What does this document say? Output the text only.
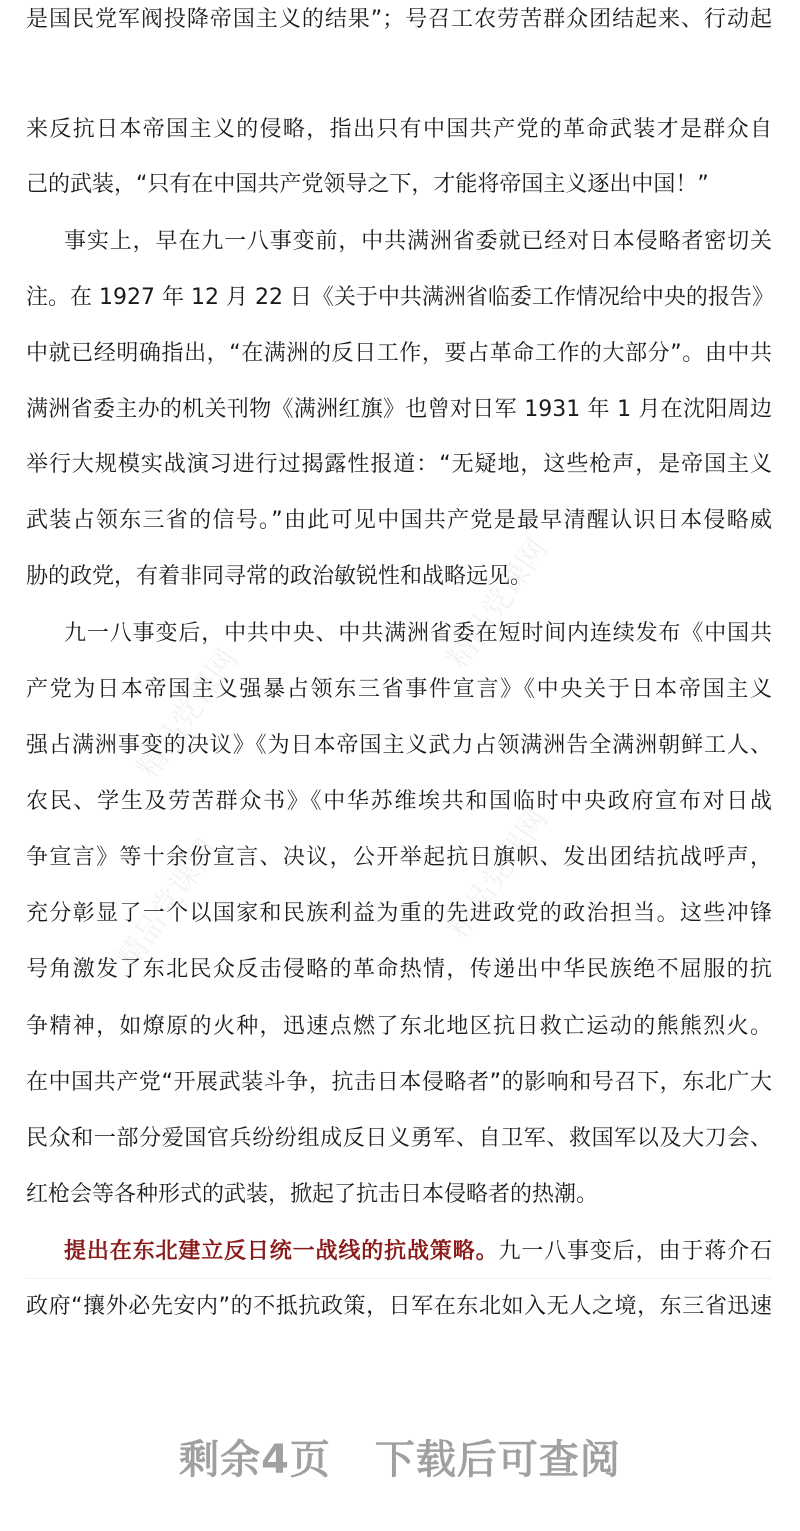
是国民党军阀投降帝国主义的结果”；号召工农劳苦群众团结起来、行动起
来反抗日本帝国主义的侵略，指出只有中国共产党的革命武装才是群众自
己的武装，“只有在中国共产党领导之下，才能将帝国主义逐出中国！”
事实上，早在九一八事变前，中共满洲省委就已经对日本侵略者密切关
注。在 1927 年 12 月 22 日《关于中共满洲省临委工作情况给中央的报告》
中就已经明确指出，“在满洲的反日工作，要占革命工作的大部分”。由中共
满洲省委主办的机关刊物《满洲红旗》也曾对日军 1931 年 1 月在沈阳周边
举行大规模实战演习进行过揭露性报道：“无疑地，这些枪声，是帝国主义
武装占领东三省的信号。”由此可见中国共产党是最早清醒认识日本侵略威
胁的政党，有着非同寻常的政治敏锐性和战略远见。
九一八事变后，中共中央、中共满洲省委在短时间内连续发布《中国共
产党为日本帝国主义强暴占领东三省事件宣言》《中央关于日本帝国主义
强占满洲事变的决议》《为日本帝国主义武力占领满洲告全满洲朝鲜工人、
农民、学生及劳苦群众书》《中华苏维埃共和国临时中央政府宣布对日战
争宣言》等十余份宣言、决议，公开举起抗日旗帜、发出团结抗战呼声，
充分彰显了一个以国家和民族利益为重的先进政党的政治担当。这些冲锋
号角激发了东北民众反击侵略的革命热情，传递出中华民族绝不屈服的抗
争精神，如燎原的火种，迅速点燃了东北地区抗日救亡运动的熊熊烈火。
在中国共产党“开展武装斗争，抗击日本侵略者”的影响和号召下，东北广大
民众和一部分爱国官兵纷纷组成反日义勇军、自卫军、救国军以及大刀会、
红枪会等各种形式的武装，掀起了抗击日本侵略者的热潮。
提出在东北建立反日统一战线的抗战策略。九一八事变后，由于蒋介石
政府“攘外必先安内”的不抵抗政策，日军在东北如入无人之境，东三省迅速
精品党课网
精品党课网
精品党课网	精品党课网
剩余4页 下载后可查阅
